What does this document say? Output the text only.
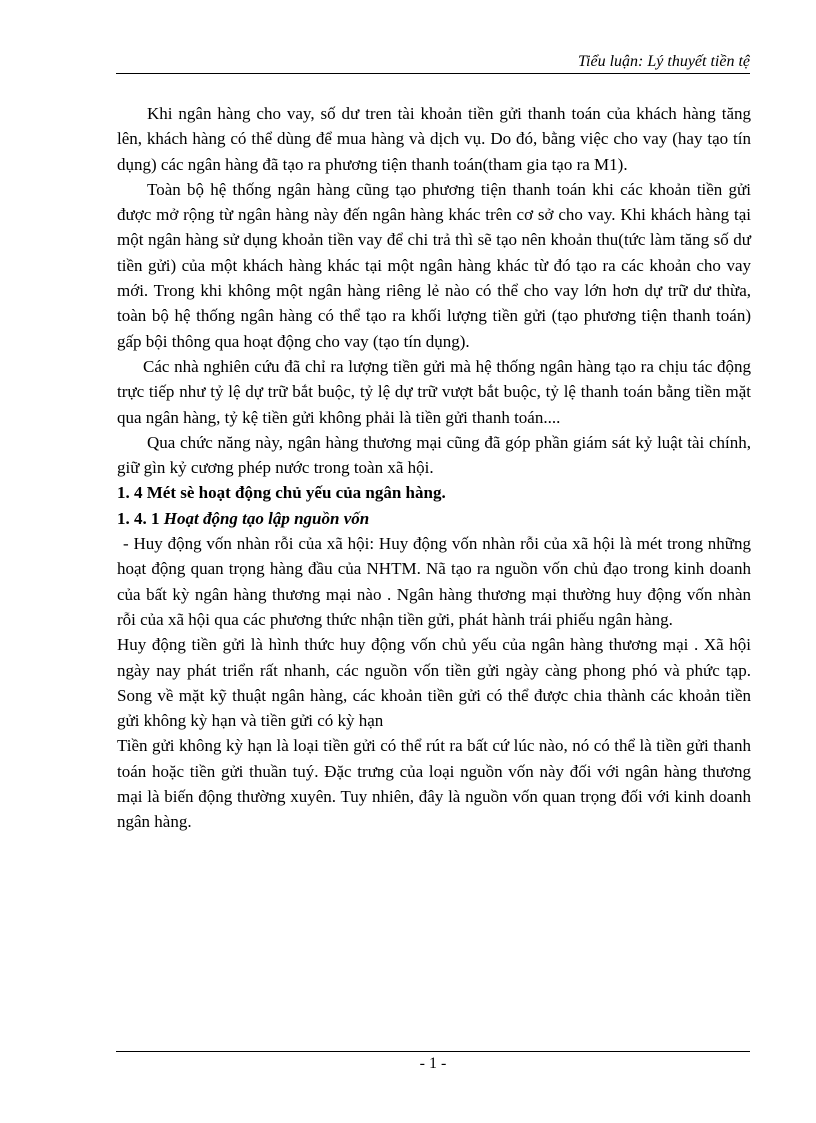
Tiểu luận: Lý thuyết tiền tệ

Khi ngân hàng cho vay, số dư tren tài khoản tiền gửi thanh toán của khách hàng tăng lên, khách hàng có thể dùng để mua hàng và dịch vụ. Do đó, bằng việc cho vay (hay tạo tín dụng) các ngân hàng đã tạo ra phương tiện thanh toán(tham gia tạo ra M1).

Toàn bộ hệ thống ngân hàng cũng tạo phương tiện thanh toán khi các khoản tiền gửi được mở rộng từ ngân hàng này đến ngân hàng khác trên cơ sở cho vay. Khi khách hàng tại một ngân hàng sử dụng khoản tiền vay để chi trả thì sẽ tạo nên khoản thu(tức làm tăng số dư tiền gửi) của một khách hàng khác tại một ngân hàng khác từ đó tạo ra các khoản cho vay mới. Trong khi không một ngân hàng riêng lẻ nào có thể cho vay lớn hơn dự trữ dư thừa, toàn bộ hệ thống ngân hàng có thể tạo ra khối lượng tiền gửi (tạo phương tiện thanh toán) gấp bội thông qua hoạt động cho vay (tạo tín dụng).

Các nhà nghiên cứu đã chỉ ra lượng tiền gửi mà hệ thống ngân hàng tạo ra chịu tác động trực tiếp như tỷ lệ dự trữ bắt buộc, tỷ lệ dự trữ vượt bắt buộc, tỷ lệ thanh toán bằng tiền mặt qua ngân hàng, tỷ kệ tiền gửi không phải là tiền gửi thanh toán....

Qua chức năng này, ngân hàng thương mại cũng đã góp phần giám sát kỷ luật tài chính, giữ gìn kỷ cương phép nước trong toàn xã hội.

1. 4 Mét sè hoạt động chủ yếu của ngân hàng.

1. 4. 1 Hoạt động tạo lập nguồn vốn

- Huy động vốn nhàn rỗi của xã hội: Huy động vốn nhàn rỗi của xã hội là mét trong những hoạt động quan trọng hàng đầu của NHTM. Nã tạo ra nguồn vốn chủ đạo trong kinh doanh của bất kỳ ngân hàng thương mại nào . Ngân hàng thương mại thường huy động vốn nhàn rỗi của xã hội qua các phương thức nhận tiền gửi, phát hành trái phiếu ngân hàng.

Huy động tiền gửi là hình thức huy động vốn chủ yếu của ngân hàng thương mại . Xã hội ngày nay phát triển rất nhanh, các nguồn vốn tiền gửi ngày càng phong phó và phức tạp. Song về mặt kỹ thuật ngân hàng, các khoản tiền gửi có thể được chia thành các khoản tiền gửi không kỳ hạn và tiền gửi có kỳ hạn

Tiền gửi không kỳ hạn là loại tiền gửi có thể rút ra bất cứ lúc nào, nó có thể là tiền gửi thanh toán hoặc tiền gửi thuần tuý. Đặc trưng của loại nguồn vốn này đối với ngân hàng thương mại là biến động thường xuyên. Tuy nhiên, đây là nguồn vốn quan trọng đối với kinh doanh ngân hàng.

- 1 -
